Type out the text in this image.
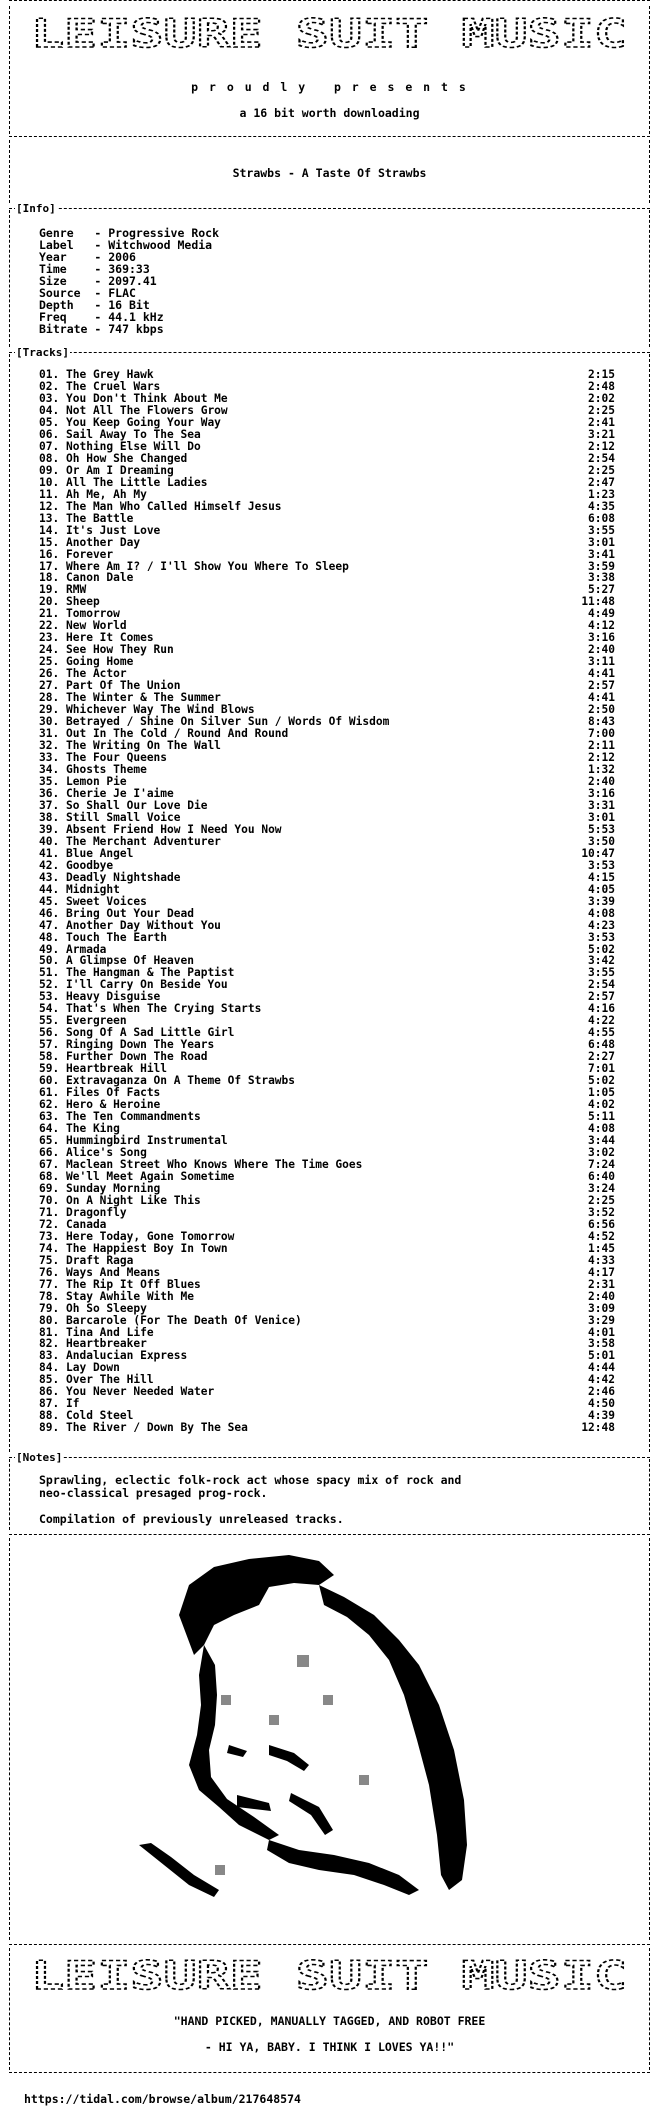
LEISURE SUIT MUSIC
p r o u d l y   p r e s e n t s
a 16 bit worth downloading
Strawbs - A Taste Of Strawbs
[Info]
Genre   - Progressive Rock
Label   - Witchwood Media
Year    - 2006
Time    - 369:33
Size    - 2097.41
Source  - FLAC
Depth   - 16 Bit
Freq    - 44.1 kHz
Bitrate - 747 kbps
[Tracks]
01. The Grey Hawk	2:15
02. The Cruel Wars	2:48
03. You Don't Think About Me	2:02
04. Not All The Flowers Grow	2:25
05. You Keep Going Your Way	2:41
06. Sail Away To The Sea	3:21
07. Nothing Else Will Do	2:12
08. Oh How She Changed	2:54
09. Or Am I Dreaming	2:25
10. All The Little Ladies	2:47
11. Ah Me, Ah My	1:23
12. The Man Who Called Himself Jesus	4:35
13. The Battle	6:08
14. It's Just Love	3:55
15. Another Day	3:01
16. Forever	3:41
17. Where Am I? / I'll Show You Where To Sleep	3:59
18. Canon Dale	3:38
19. RMW	5:27
20. Sheep	11:48
21. Tomorrow	4:49
22. New World	4:12
23. Here It Comes	3:16
24. See How They Run	2:40
25. Going Home	3:11
26. The Actor	4:41
27. Part Of The Union	2:57
28. The Winter & The Summer	4:41
29. Whichever Way The Wind Blows	2:50
30. Betrayed / Shine On Silver Sun / Words Of Wisdom	8:43
31. Out In The Cold / Round And Round	7:00
32. The Writing On The Wall	2:11
33. The Four Queens	2:12
34. Ghosts Theme	1:32
35. Lemon Pie	2:40
36. Cherie Je I'aime	3:16
37. So Shall Our Love Die	3:31
38. Still Small Voice	3:01
39. Absent Friend How I Need You Now	5:53
40. The Merchant Adventurer	3:50
41. Blue Angel	10:47
42. Goodbye	3:53
43. Deadly Nightshade	4:15
44. Midnight	4:05
45. Sweet Voices	3:39
46. Bring Out Your Dead	4:08
47. Another Day Without You	4:23
48. Touch The Earth	3:53
49. Armada	5:02
50. A Glimpse Of Heaven	3:42
51. The Hangman & The Paptist	3:55
52. I'll Carry On Beside You	2:54
53. Heavy Disguise	2:57
54. That's When The Crying Starts	4:16
55. Evergreen	4:22
56. Song Of A Sad Little Girl	4:55
57. Ringing Down The Years	6:48
58. Further Down The Road	2:27
59. Heartbreak Hill	7:01
60. Extravaganza On A Theme Of Strawbs	5:02
61. Files Of Facts	1:05
62. Hero & Heroine	4:02
63. The Ten Commandments	5:11
64. The King	4:08
65. Hummingbird Instrumental	3:44
66. Alice's Song	3:02
67. Maclean Street Who Knows Where The Time Goes	7:24
68. We'll Meet Again Sometime	6:40
69. Sunday Morning	3:24
70. On A Night Like This	2:25
71. Dragonfly	3:52
72. Canada	6:56
73. Here Today, Gone Tomorrow	4:52
74. The Happiest Boy In Town	1:45
75. Draft Raga	4:33
76. Ways And Means	4:17
77. The Rip It Off Blues	2:31
78. Stay Awhile With Me	2:40
79. Oh So Sleepy	3:09
80. Barcarole (For The Death Of Venice)	3:29
81. Tina And Life	4:01
82. Heartbreaker	3:58
83. Andalucian Express	5:01
84. Lay Down	4:44
85. Over The Hill	4:42
86. You Never Needed Water	2:46
87. If	4:50
88. Cold Steel	4:39
89. The River / Down By The Sea	12:48
[Notes]
Sprawling, eclectic folk-rock act whose spacy mix of rock and
neo-classical presaged prog-rock.
Compilation of previously unreleased tracks.
LEISURE SUIT MUSIC
"HAND PICKED, MANUALLY TAGGED, AND ROBOT FREE
- HI YA, BABY. I THINK I LOVES YA!!"
https://tidal.com/browse/album/217648574
